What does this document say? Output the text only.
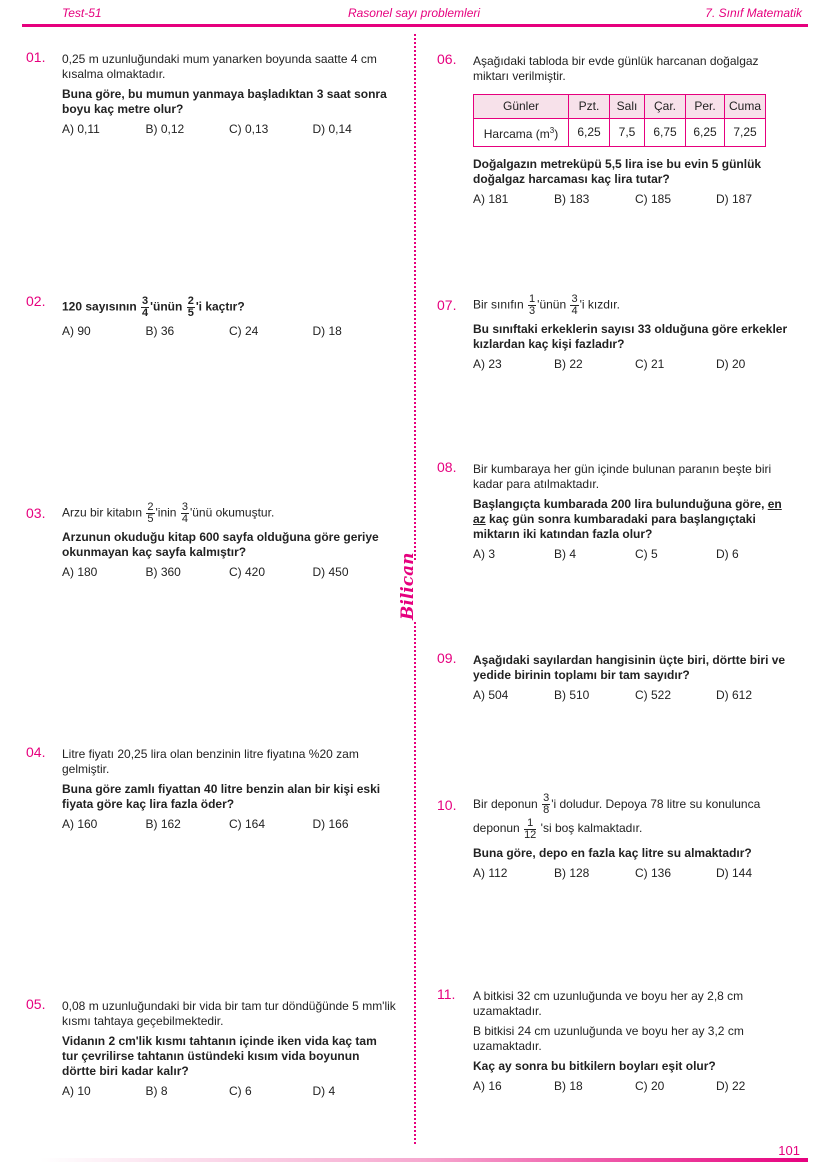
Test-51	Rasonel sayı problemleri	7. Sınıf Matematik
Bilican
01. 0,25 m uzunluğundaki mum yanarken boyunda saatte 4 cm kısalma olmaktadır.

Buna göre, bu mumun yanmaya başladıktan 3 saat sonra boyu kaç metre olur?

A) 0,11	B) 0,12	C) 0,13	D) 0,14
02. 120 sayısının $\frac{3}{4}$ 'ünün $\frac{2}{5}$ 'i kaçtır?

A) 90	B) 36	C) 24	D) 18
03. Arzu bir kitabın $\frac{2}{5}$ 'inin $\frac{3}{4}$ 'ünü okumuştur.

Arzunun okuduğu kitap 600 sayfa olduğuna göre geriye okunmayan kaç sayfa kalmıştır?

A) 180	B) 360	C) 420	D) 450
04. Litre fiyatı 20,25 lira olan benzinin litre fiyatına %20 zam gelmiştir.

Buna göre zamlı fiyattan 40 litre benzin alan bir kişi eski fiyata göre kaç lira fazla öder?

A) 160	B) 162	C) 164	D) 166
05. 0,08 m uzunluğundaki bir vida bir tam tur döndüğünde 5 mm'lik kısmı tahtaya geçebilmektedir.

Vidanın 2 cm'lik kısmı tahtanın içinde iken vida kaç tam tur çevrilirse tahtanın üstündeki kısım vida boyunun dörtte biri kadar kalır?

A) 10	B) 8	C) 6	D) 4
06. Aşağıdaki tabloda bir evde günlük harcanan doğalgaz miktarı verilmiştir.

Günler	Pzt.	Salı	Çar.	Per.	Cuma
Harcama $(m^3)$	6,25	7,5	6,75	6,25	7,25

Doğalgazın metreküpü 5,5 lira ise bu evin 5 günlük doğalgaz harcaması kaç lira tutar?

A) 181	B) 183	C) 185	D) 187
07. Bir sınıfın $\frac{1}{3}$ 'ünün $\frac{3}{4}$ 'i kızdır.

Bu sınıftaki erkeklerin sayısı 33 olduğuna göre erkekler kızlardan kaç kişi fazladır?

A) 23	B) 22	C) 21	D) 20
08. Bir kumbaraya her gün içinde bulunan paranın beşte biri kadar para atılmaktadır.

Başlangıçta kumbarada 200 lira bulunduğuna göre, en az kaç gün sonra kumbaradaki para başlangıçtaki miktarın iki katından fazla olur?

A) 3	B) 4	C) 5	D) 6
09. Aşağıdaki sayılardan hangisinin üçte biri, dörtte biri ve yedide birinin toplamı bir tam sayıdır?

A) 504	B) 510	C) 522	D) 612
10. Bir deponun $\frac{3}{8}$ 'i doludur. Depoya 78 litre su konulunca deponun $\frac{1}{12}$ 'si boş kalmaktadır.

Buna göre, depo en fazla kaç litre su almaktadır?

A) 112	B) 128	C) 136	D) 144
11. A bitkisi 32 cm uzunluğunda ve boyu her ay 2,8 cm uzamaktadır.

B bitkisi 24 cm uzunluğunda ve boyu her ay 3,2 cm uzamaktadır.

Kaç ay sonra bu bitkilern boyları eşit olur?

A) 16	B) 18	C) 20	D) 22
101
